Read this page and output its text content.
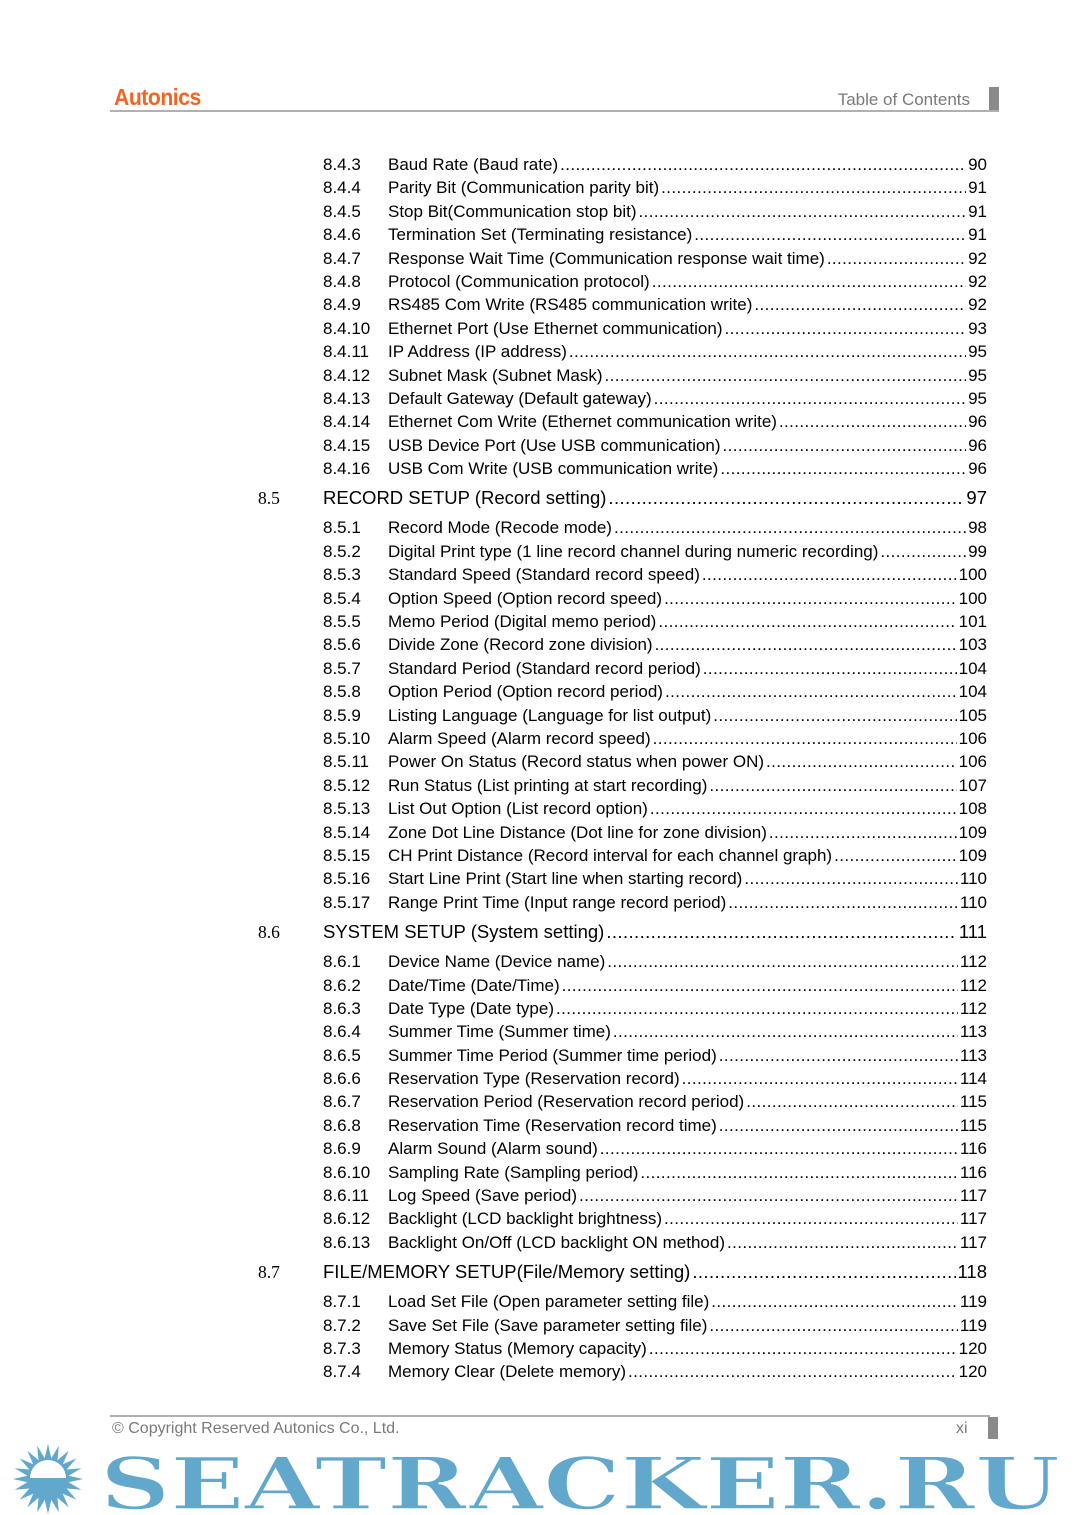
Autonics	Table of Contents
8.4.3 Baud Rate (Baud rate) .....	90
8.4.4 Parity Bit (Communication parity bit) .....	91
8.4.5 Stop Bit(Communication stop bit) .....	91
8.4.6 Termination Set (Terminating resistance) .....	91
8.4.7 Response Wait Time (Communication response wait time) .....	92
8.4.8 Protocol (Communication protocol) .....	92
8.4.9 RS485 Com Write (RS485 communication write) .....	92
8.4.10 Ethernet Port (Use Ethernet communication) .....	93
8.4.11 IP Address (IP address) .....	95
8.4.12 Subnet Mask (Subnet Mask) .....	95
8.4.13 Default Gateway (Default gateway) .....	95
8.4.14 Ethernet Com Write (Ethernet communication write) .....	96
8.4.15 USB Device Port (Use USB communication) .....	96
8.4.16 USB Com Write (USB communication write) .....	96
8.5 RECORD SETUP (Record setting) .....	97
8.5.1 Record Mode (Recode mode) .....	98
8.5.2 Digital Print type (1 line record channel during numeric recording) .....	99
8.5.3 Standard Speed (Standard record speed) .....	100
8.5.4 Option Speed (Option record speed) .....	100
8.5.5 Memo Period (Digital memo period) .....	101
8.5.6 Divide Zone (Record zone division) .....	103
8.5.7 Standard Period (Standard record period) .....	104
8.5.8 Option Period (Option record period) .....	104
8.5.9 Listing Language (Language for list output) .....	105
8.5.10 Alarm Speed (Alarm record speed) .....	106
8.5.11 Power On Status (Record status when power ON) .....	106
8.5.12 Run Status (List printing at start recording) .....	107
8.5.13 List Out Option (List record option) .....	108
8.5.14 Zone Dot Line Distance (Dot line for zone division) .....	109
8.5.15 CH Print Distance (Record interval for each channel graph) .....	109
8.5.16 Start Line Print (Start line when starting record) .....	110
8.5.17 Range Print Time (Input range record period) .....	110
8.6 SYSTEM SETUP (System setting) .....	111
8.6.1 Device Name (Device name) .....	112
8.6.2 Date/Time (Date/Time) .....	112
8.6.3 Date Type (Date type) .....	112
8.6.4 Summer Time (Summer time) .....	113
8.6.5 Summer Time Period (Summer time period) .....	113
8.6.6 Reservation Type (Reservation record) .....	114
8.6.7 Reservation Period (Reservation record period) .....	115
8.6.8 Reservation Time (Reservation record time) .....	115
8.6.9 Alarm Sound (Alarm sound) .....	116
8.6.10 Sampling Rate (Sampling period) .....	116
8.6.11 Log Speed (Save period) .....	117
8.6.12 Backlight (LCD backlight brightness) .....	117
8.6.13 Backlight On/Off (LCD backlight ON method) .....	117
8.7 FILE/MEMORY SETUP(File/Memory setting) .....	118
8.7.1 Load Set File (Open parameter setting file) .....	119
8.7.2 Save Set File (Save parameter setting file) .....	119
8.7.3 Memory Status (Memory capacity) .....	120
8.7.4 Memory Clear (Delete memory) .....	120
© Copyright Reserved Autonics Co., Ltd.	xi
SEATRACKER.RU
